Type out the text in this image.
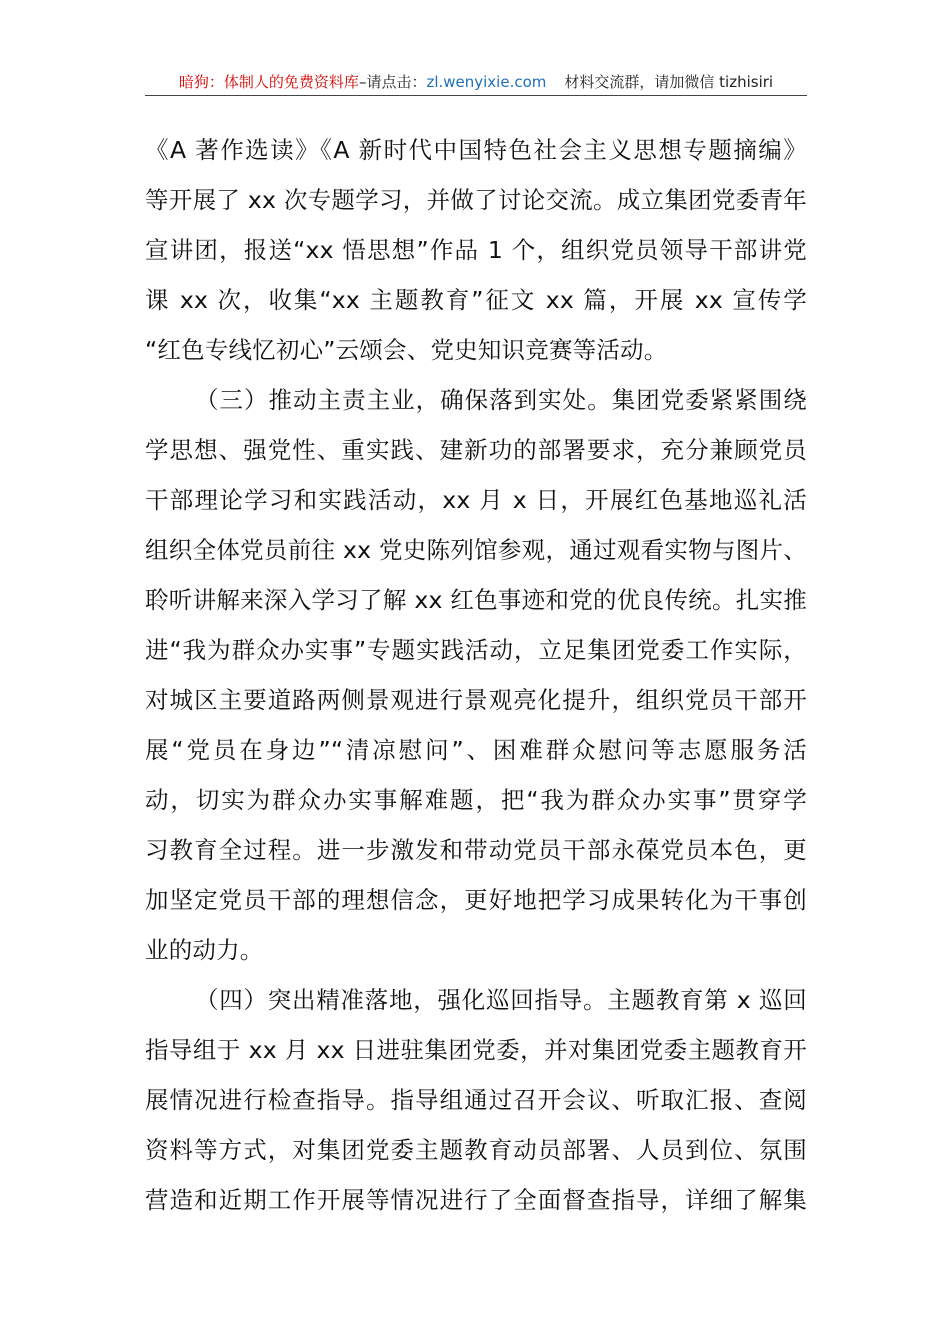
暗狗：体制人的免费资料库–请点击：zl.wenyixie.com 材料交流群，请加微信 tizhisiri
《A 著作选读》《A 新时代中国特色社会主义思想专题摘编》
等开展了 xx 次专题学习，并做了讨论交流。成立集团党委青年
宣讲团，报送“xx 悟思想”作品 1 个，组织党员领导干部讲党
课 xx 次，收集“xx 主题教育”征文 xx 篇，开展 xx 宣传学
“红色专线忆初心”云颂会、党史知识竞赛等活动。
（三）推动主责主业，确保落到实处。集团党委紧紧围绕
学思想、强党性、重实践、建新功的部署要求，充分兼顾党员
干部理论学习和实践活动，xx 月 x 日，开展红色基地巡礼活
组织全体党员前往 xx 党史陈列馆参观，通过观看实物与图片、
聆听讲解来深入学习了解 xx 红色事迹和党的优良传统。扎实推
进“我为群众办实事”专题实践活动，立足集团党委工作实际，
对城区主要道路两侧景观进行景观亮化提升，组织党员干部开
展“党员在身边”“清凉慰问”、困难群众慰问等志愿服务活
动，切实为群众办实事解难题，把“我为群众办实事”贯穿学
习教育全过程。进一步激发和带动党员干部永葆党员本色，更
加坚定党员干部的理想信念，更好地把学习成果转化为干事创
业的动力。
（四）突出精准落地，强化巡回指导。主题教育第 x 巡回
指导组于 xx 月 xx 日进驻集团党委，并对集团党委主题教育开
展情况进行检查指导。指导组通过召开会议、听取汇报、查阅
资料等方式，对集团党委主题教育动员部署、人员到位、氛围
营造和近期工作开展等情况进行了全面督查指导，详细了解集
